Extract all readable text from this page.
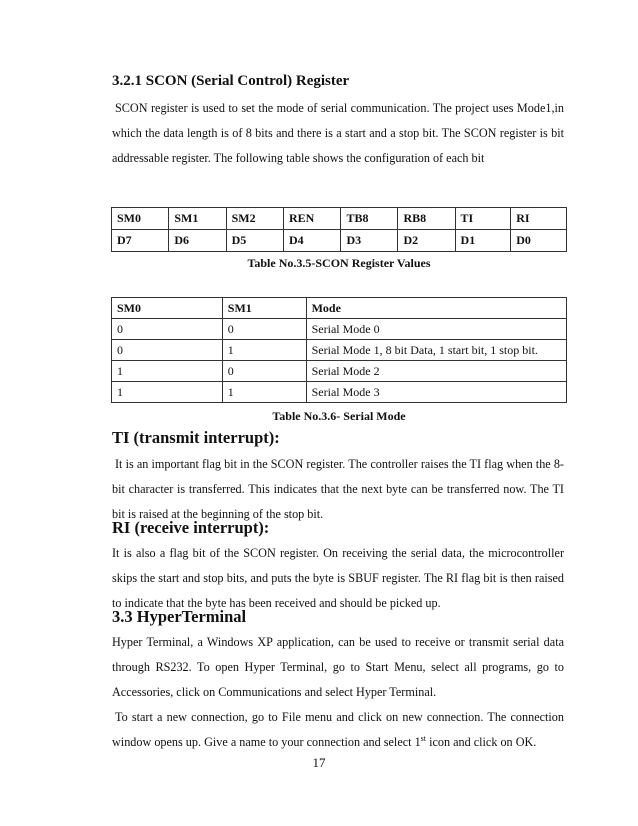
3.2.1 SCON (Serial Control) Register

SCON register is used to set the mode of serial communication. The project uses Mode1,in which the data length is of 8 bits and there is a start and a stop bit. The SCON register is bit addressable register. The following table shows the configuration of each bit

SM0	SM1	SM2	REN	TB8	RB8	TI	RI
D7	D6	D5	D4	D3	D2	D1	D0

Table No.3.5-SCON Register Values

SM0	SM1	Mode
0	0	Serial Mode 0
0	1	Serial Mode 1, 8 bit Data, 1 start bit, 1 stop bit.
1	0	Serial Mode 2
1	1	Serial Mode 3

Table No.3.6- Serial Mode

TI (transmit interrupt):

It is an important flag bit in the SCON register. The controller raises the TI flag when the 8-bit character is transferred. This indicates that the next byte can be transferred now. The TI bit is raised at the beginning of the stop bit.

RI (receive interrupt):

It is also a flag bit of the SCON register. On receiving the serial data, the microcontroller skips the start and stop bits, and puts the byte is SBUF register. The RI flag bit is then raised to indicate that the byte has been received and should be picked up.

3.3 HyperTerminal

Hyper Terminal, a Windows XP application, can be used to receive or transmit serial data through RS232. To open Hyper Terminal, go to Start Menu, select all programs, go to Accessories, click on Communications and select Hyper Terminal.

To start a new connection, go to File menu and click on new connection. The connection window opens up. Give a name to your connection and select 1st icon and click on OK.

17
